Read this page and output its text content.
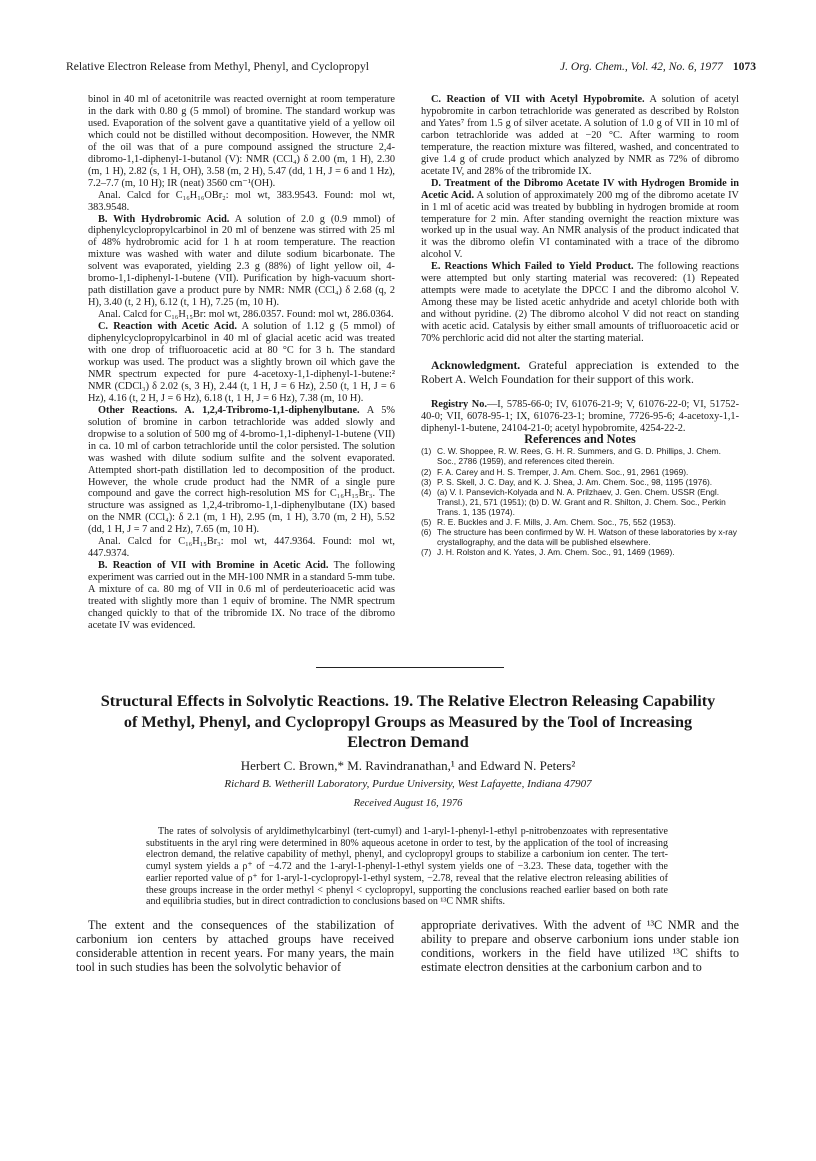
Relative Electron Release from Methyl, Phenyl, and Cyclopropyl	J. Org. Chem., Vol. 42, No. 6, 1977 1073

binol in 40 ml of acetonitrile was reacted overnight at room temperature in the dark with 0.80 g (5 mmol) of bromine. The standard workup was used. Evaporation of the solvent gave a quantitative yield of a yellow oil which could not be distilled without decomposition. However, the NMR of the oil was that of a pure compound assigned the structure 2,4-dibromo-1,1-diphenyl-1-butanol (V): NMR (CCl₄) δ 2.00 (m, 1 H), 2.30 (m, 1 H), 2.82 (s, 1 H, OH), 3.58 (m, 2 H), 5.47 (dd, 1 H, J = 6 and 1 Hz), 7.2–7.7 (m, 10 H); IR (neat) 3560 cm⁻¹(OH).

Anal. Calcd for C₁₆H₁₆OBr₂: mol wt, 383.9543. Found: mol wt, 383.9548.

B. With Hydrobromic Acid. A solution of 2.0 g (0.9 mmol) of diphenylcyclopropylcarbinol in 20 ml of benzene was stirred with 25 ml of 48% hydrobromic acid for 1 h at room temperature. The reaction mixture was washed with water and dilute sodium bicarbonate. The solvent was evaporated, yielding 2.3 g (88%) of light yellow oil, 4-bromo-1,1-diphenyl-1-butene (VII). Purification by high-vacuum short-path distillation gave a product pure by NMR: NMR (CCl₄) δ 2.68 (q, 2 H), 3.40 (t, 2 H), 6.12 (t, 1 H), 7.25 (m, 10 H).

Anal. Calcd for C₁₆H₁₅Br: mol wt, 286.0357. Found: mol wt, 286.0364.

C. Reaction with Acetic Acid. A solution of 1.12 g (5 mmol) of diphenylcyclopropylcarbinol in 40 ml of glacial acetic acid was treated with one drop of trifluoroacetic acid at 80 °C for 3 h. The standard workup was used. The product was a slightly brown oil which gave the NMR spectrum expected for pure 4-acetoxy-1,1-diphenyl-1-butene:² NMR (CDCl₃) δ 2.02 (s, 3 H), 2.44 (t, 1 H, J = 6 Hz), 2.50 (t, 1 H, J = 6 Hz), 4.16 (t, 2 H, J = 6 Hz), 6.18 (t, 1 H, J = 6 Hz), 7.38 (m, 10 H).

Other Reactions. A. 1,2,4-Tribromo-1,1-diphenylbutane. A 5% solution of bromine in carbon tetrachloride was added slowly and dropwise to a solution of 500 mg of 4-bromo-1,1-diphenyl-1-butene (VII) in ca. 10 ml of carbon tetrachloride until the color persisted. The solution was washed with dilute sodium sulfite and the solvent evaporated. Attempted short-path distillation led to decomposition of the product. However, the whole crude product had the NMR of a single pure compound and gave the correct high-resolution MS for C₁₆H₁₅Br₃. The structure was assigned as 1,2,4-tribromo-1,1-diphenylbutane (IX) based on the NMR (CCl₄): δ 2.1 (m, 1 H), 2.95 (m, 1 H), 3.70 (m, 2 H), 5.52 (dd, 1 H, J = 7 and 2 Hz), 7.65 (m, 10 H).

Anal. Calcd for C₁₆H₁₅Br₃: mol wt, 447.9364. Found: mol wt, 447.9374.

B. Reaction of VII with Bromine in Acetic Acid. The following experiment was carried out in the MH-100 NMR in a standard 5-mm tube. A mixture of ca. 80 mg of VII in 0.6 ml of perdeuterioacetic acid was treated with slightly more than 1 equiv of bromine. The NMR spectrum changed quickly to that of the tribromide IX. No trace of the dibromo acetate IV was evidenced.

C. Reaction of VII with Acetyl Hypobromite. A solution of acetyl hypobromite in carbon tetrachloride was generated as described by Rolston and Yates⁷ from 1.5 g of silver acetate. A solution of 1.0 g of VII in 10 ml of carbon tetrachloride was added at −20 °C. After warming to room temperature, the reaction mixture was filtered, washed, and concentrated to give 1.4 g of crude product which analyzed by NMR as 72% of dibromo acetate IV, and 28% of the tribromide IX.

D. Treatment of the Dibromo Acetate IV with Hydrogen Bromide in Acetic Acid. A solution of approximately 200 mg of the dibromo acetate IV in 1 ml of acetic acid was treated by bubbling in hydrogen bromide at room temperature for 2 min. After standing overnight the reaction mixture was worked up in the usual way. An NMR analysis of the product indicated that it was the dibromo olefin VI contaminated with a trace of the dibromo alcohol V.

E. Reactions Which Failed to Yield Product. The following reactions were attempted but only starting material was recovered: (1) Repeated attempts were made to acetylate the DPCC I and the dibromo alcohol V. Among these may be listed acetic anhydride and acetyl chloride both with and without pyridine. (2) The dibromo alcohol V did not react on standing with acetic acid. Catalysis by either small amounts of trifluoroacetic acid or 70% perchloric acid did not alter the starting material.

Acknowledgment. Grateful appreciation is extended to the Robert A. Welch Foundation for their support of this work.

Registry No.—I, 5785-66-0; IV, 61076-21-9; V, 61076-22-0; VI, 51752-40-0; VII, 6078-95-1; IX, 61076-23-1; bromine, 7726-95-6; 4-acetoxy-1,1-diphenyl-1-butene, 24104-21-0; acetyl hypobromite, 4254-22-2.

References and Notes

(1) C. W. Shoppee, R. W. Rees, G. H. R. Summers, and G. D. Phillips, J. Chem. Soc., 2786 (1959), and references cited therein.
(2) F. A. Carey and H. S. Tremper, J. Am. Chem. Soc., 91, 2961 (1969).
(3) P. S. Skell, J. C. Day, and K. J. Shea, J. Am. Chem. Soc., 98, 1195 (1976).
(4) (a) V. I. Pansevich-Kolyada and N. A. Prilzhaev, J. Gen. Chem. USSR (Engl. Transl.), 21, 571 (1951); (b) D. W. Grant and R. Shilton, J. Chem. Soc., Perkin Trans. 1, 135 (1974).
(5) R. E. Buckles and J. F. Mills, J. Am. Chem. Soc., 75, 552 (1953).
(6) The structure has been confirmed by W. H. Watson of these laboratories by x-ray crystallography, and the data will be published elsewhere.
(7) J. H. Rolston and K. Yates, J. Am. Chem. Soc., 91, 1469 (1969).
Structural Effects in Solvolytic Reactions. 19. The Relative Electron Releasing Capability of Methyl, Phenyl, and Cyclopropyl Groups as Measured by the Tool of Increasing Electron Demand
Herbert C. Brown,* M. Ravindranathan,¹ and Edward N. Peters²
Richard B. Wetherill Laboratory, Purdue University, West Lafayette, Indiana 47907
Received August 16, 1976
The rates of solvolysis of aryldimethylcarbinyl (tert-cumyl) and 1-aryl-1-phenyl-1-ethyl p-nitrobenzoates with representative substituents in the aryl ring were determined in 80% aqueous acetone in order to test, by the application of the tool of increasing electron demand, the relative capability of methyl, phenyl, and cyclopropyl groups to stabilize a carbonium ion center. The tert-cumyl system yields a ρ⁺ of −4.72 and the 1-aryl-1-phenyl-1-ethyl system yields one of −3.23. These data, together with the earlier reported value of ρ⁺ for 1-aryl-1-cyclopropyl-1-ethyl system, −2.78, reveal that the relative electron releasing abilities of these groups increase in the order methyl < phenyl < cyclopropyl, supporting the conclusions reached earlier based on both rate and equilibria studies, but in direct contradiction to conclusions based on ¹³C NMR shifts.
The extent and the consequences of the stabilization of carbonium ion centers by attached groups have received considerable attention in recent years. For many years, the main tool in such studies has been the solvolytic behavior of
appropriate derivatives. With the advent of ¹³C NMR and the ability to prepare and observe carbonium ions under stable ion conditions, workers in the field have utilized ¹³C shifts to estimate electron densities at the carbonium carbon and to
